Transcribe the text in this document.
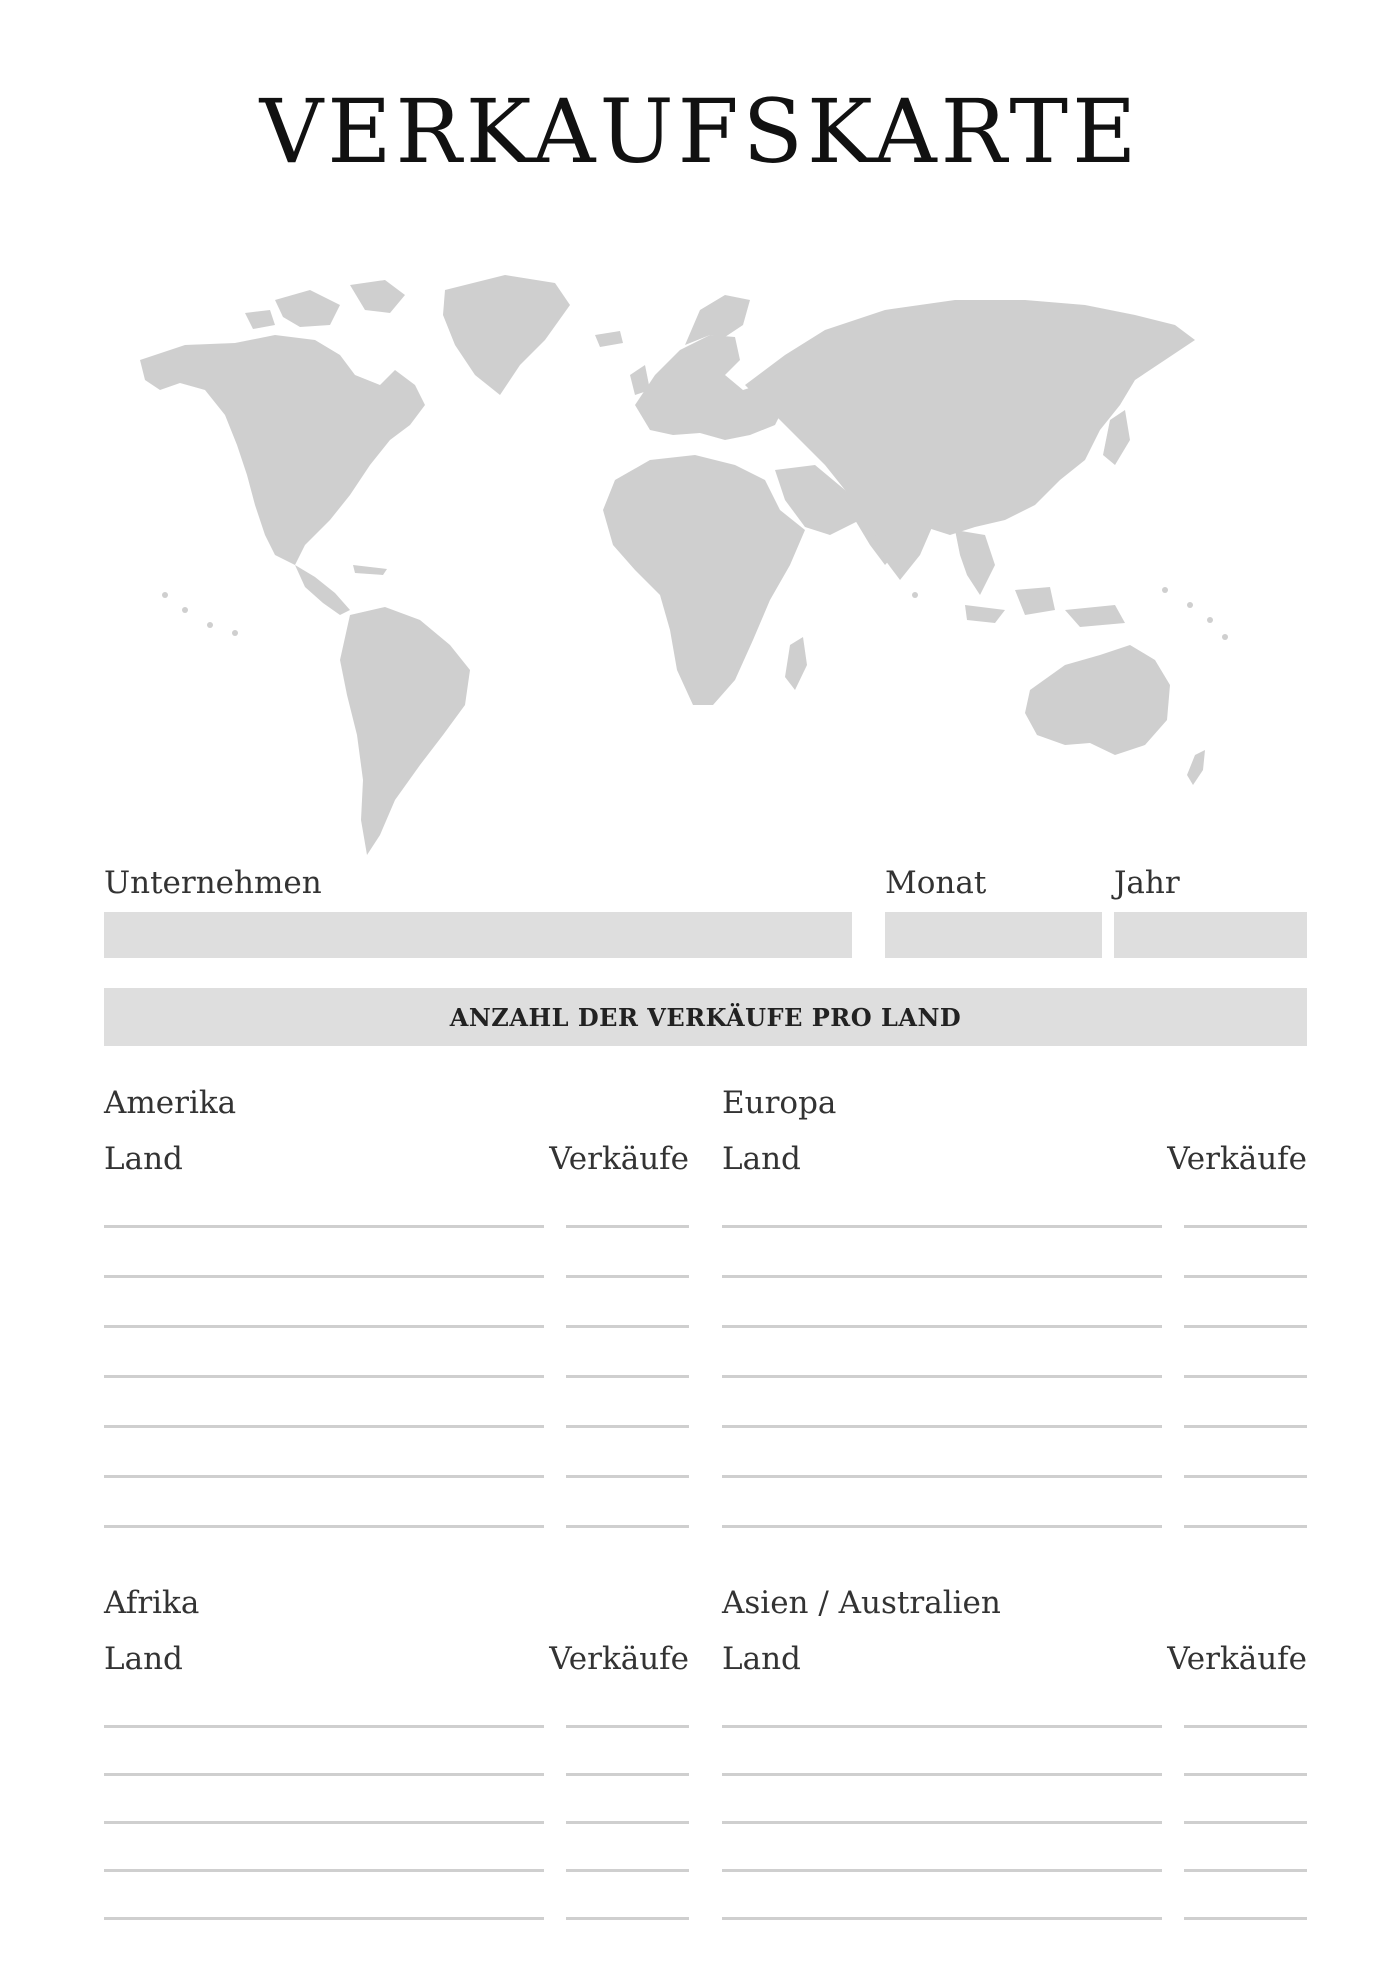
VERKAUFSKARTE
Unternehmen	Monat	Jahr
ANZAHL DER VERKÄUFE PRO LAND
Amerika
Land	Verkäufe
Europa
Land	Verkäufe
Afrika
Land	Verkäufe
Asien / Australien
Land	Verkäufe
